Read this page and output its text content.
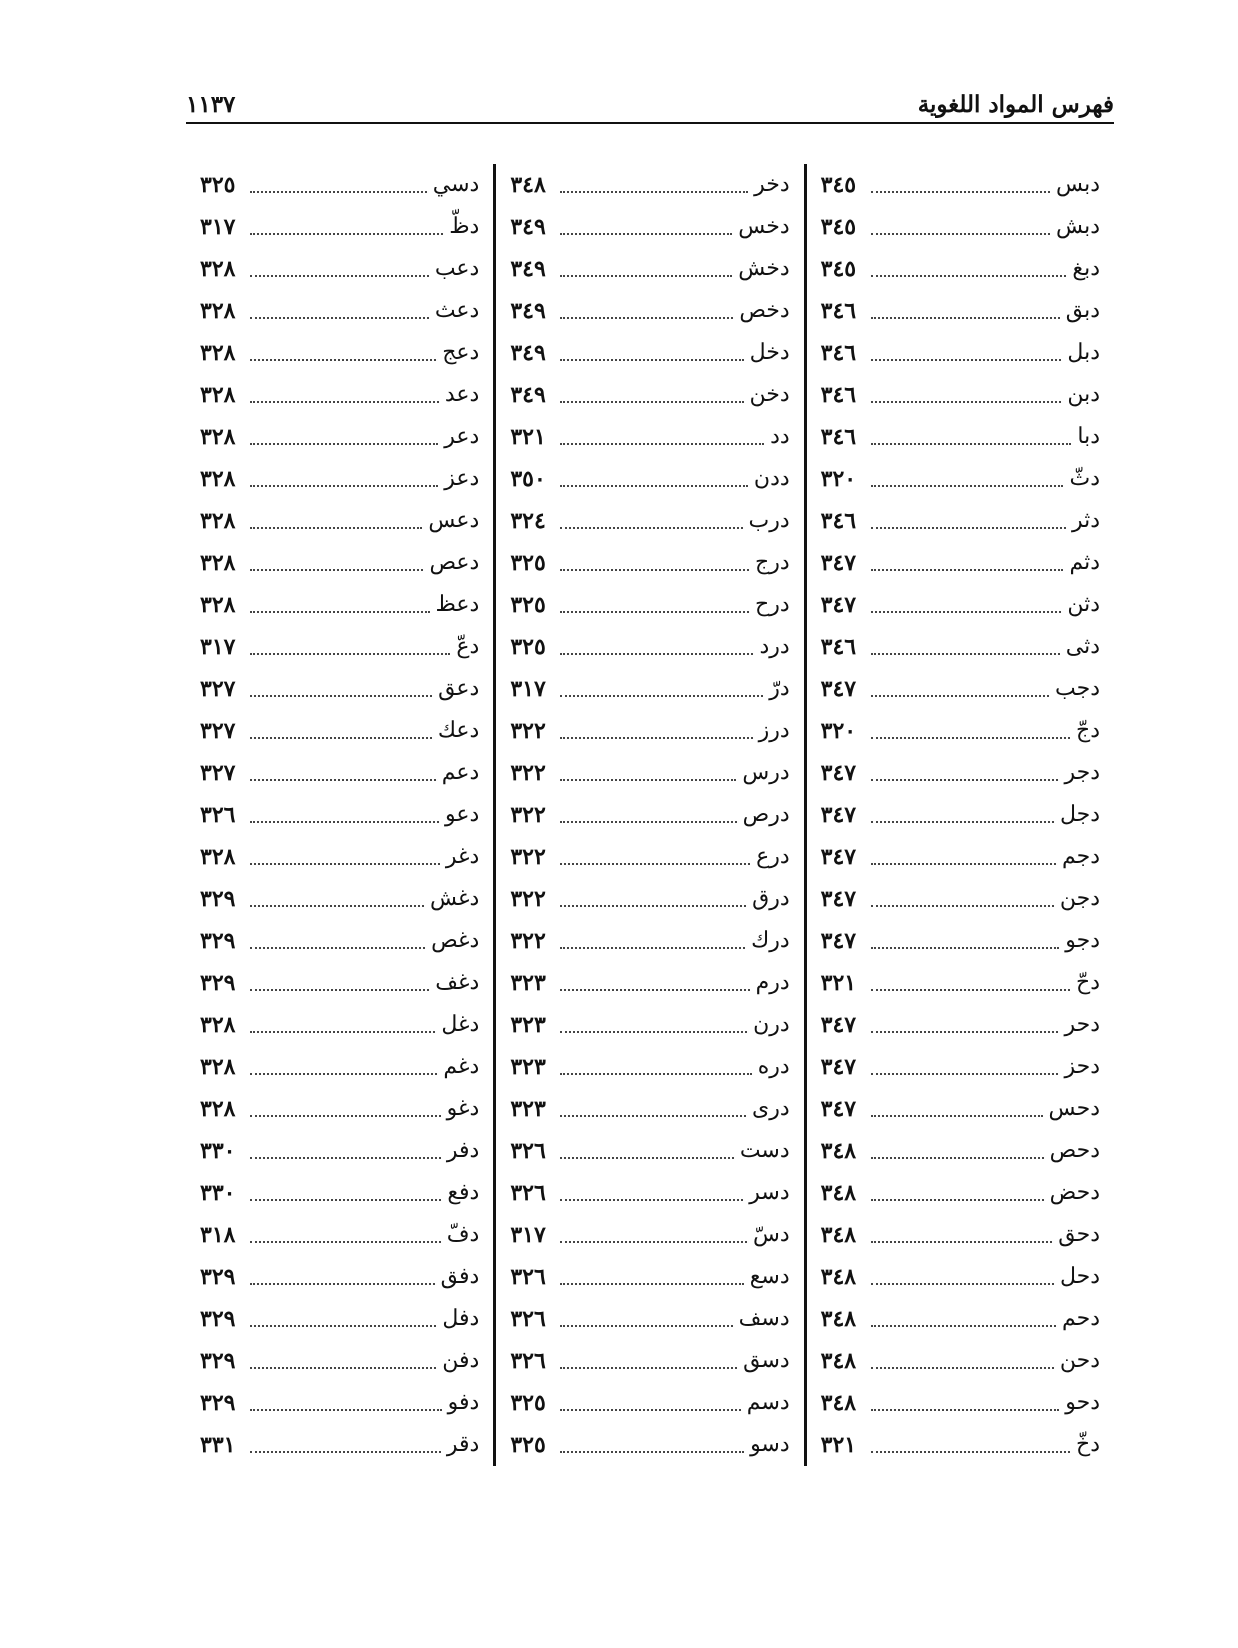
فهرس المواد اللغوية
١١٣٧
دبس
٣٤٥
دبش
٣٤٥
دبغ
٣٤٥
دبق
٣٤٦
دبل
٣٤٦
دبن
٣٤٦
دبا
٣٤٦
دثّ
٣٢٠
دثر
٣٤٦
دثم
٣٤٧
دثن
٣٤٧
دثى
٣٤٦
دجب
٣٤٧
دجّ
٣٢٠
دجر
٣٤٧
دجل
٣٤٧
دجم
٣٤٧
دجن
٣٤٧
دجو
٣٤٧
دحّ
٣٢١
دحر
٣٤٧
دحز
٣٤٧
دحس
٣٤٧
دحص
٣٤٨
دحض
٣٤٨
دحق
٣٤٨
دحل
٣٤٨
دحم
٣٤٨
دحن
٣٤٨
دحو
٣٤٨
دخّ
٣٢١
دخر
٣٤٨
دخس
٣٤٩
دخش
٣٤٩
دخص
٣٤٩
دخل
٣٤٩
دخن
٣٤٩
دد
٣٢١
ددن
٣٥٠
درب
٣٢٤
درج
٣٢٥
درح
٣٢٥
درد
٣٢٥
درّ
٣١٧
درز
٣٢٢
درس
٣٢٢
درص
٣٢٢
درع
٣٢٢
درق
٣٢٢
درك
٣٢٢
درم
٣٢٣
درن
٣٢٣
دره
٣٢٣
درى
٣٢٣
دست
٣٢٦
دسر
٣٢٦
دسّ
٣١٧
دسع
٣٢٦
دسف
٣٢٦
دسق
٣٢٦
دسم
٣٢٥
دسو
٣٢٥
دسي
٣٢٥
دظّ
٣١٧
دعب
٣٢٨
دعث
٣٢٨
دعج
٣٢٨
دعد
٣٢٨
دعر
٣٢٨
دعز
٣٢٨
دعس
٣٢٨
دعص
٣٢٨
دعظ
٣٢٨
دعّ
٣١٧
دعق
٣٢٧
دعك
٣٢٧
دعم
٣٢٧
دعو
٣٢٦
دغر
٣٢٨
دغش
٣٢٩
دغص
٣٢٩
دغف
٣٢٩
دغل
٣٢٨
دغم
٣٢٨
دغو
٣٢٨
دفر
٣٣٠
دفع
٣٣٠
دفّ
٣١٨
دفق
٣٢٩
دفل
٣٢٩
دفن
٣٢٩
دفو
٣٢٩
دقر
٣٣١
